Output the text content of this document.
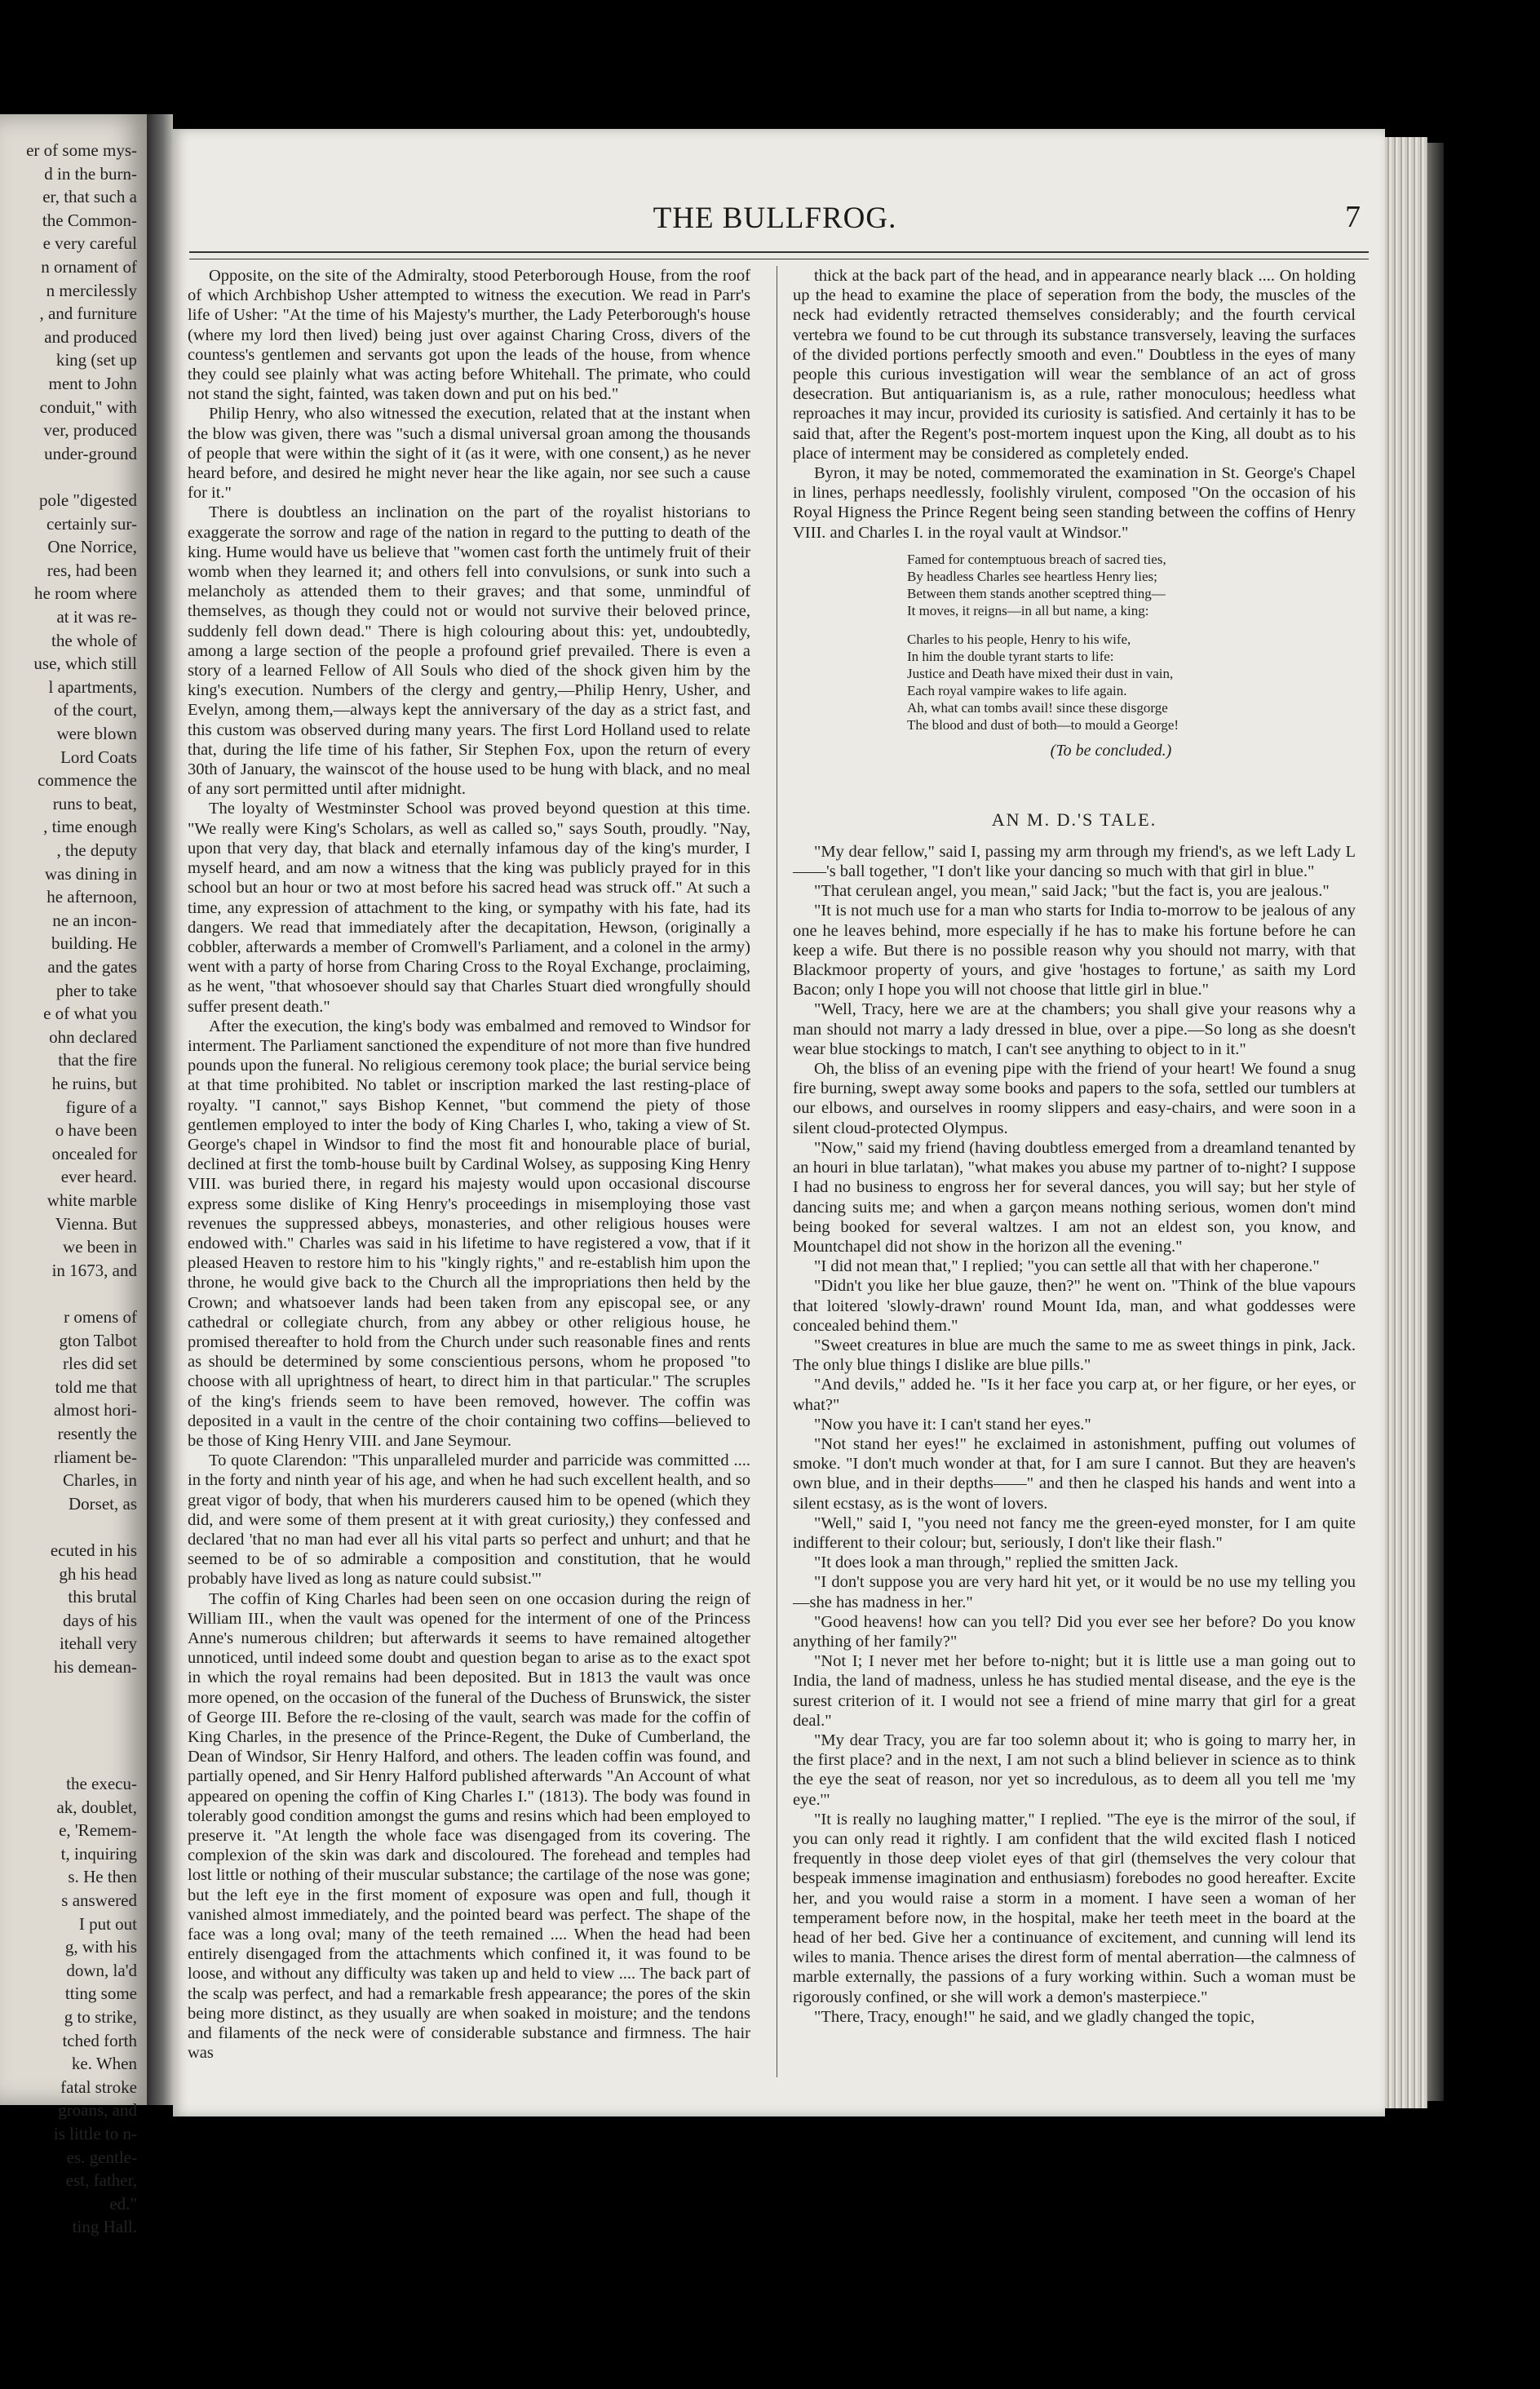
er of some mys-
d in the burn-
er, that such a
the Common-
e very careful
n ornament of
n mercilessly
, and furniture
and produced
king (set up
ment to John
conduit," with
ver, produced
under-ground
pole "digested
certainly sur-
One Norrice,
res, had been
he room where
at it was re-
the whole of
use, which still
l apartments,
of the court,
were blown
Lord Coats
commence the
runs to beat,
, time enough
, the deputy
was dining in
he afternoon,
ne an incon-
building. He
and the gates
pher to take
e of what you
ohn declared
that the fire
he ruins, but
figure of a
o have been
oncealed for
ever heard.
white marble
Vienna. But
we been in
in 1673, and
r omens of
gton Talbot
rles did set
told me that
almost hori-
resently the
rliament be-
Charles, in
Dorset, as
ecuted in his
gh his head
this brutal
days of his
itehall very
his demean-
the execu-
ak, doublet,
e, 'Remem-
t, inquiring
s. He then
s answered
I put out
g, with his
down, la'd
tting some
g to strike,
tched forth
ke. When
fatal stroke
groans, and
is little to n-
es. gentle-
est, father,
ed."
ting Hall.
THE BULLFROG.	7

Opposite, on the site of the Admiralty, stood Peterborough House, from the roof of which Archbishop Usher attempted to witness the execution. We read in Parr's life of Usher: "At the time of his Majesty's murther, the Lady Peterborough's house (where my lord then lived) being just over against Charing Cross, divers of the countess's gentlemen and servants got upon the leads of the house, from whence they could see plainly what was acting before Whitehall. The primate, who could not stand the sight, fainted, was taken down and put on his bed."

Philip Henry, who also witnessed the execution, related that at the instant when the blow was given, there was "such a dismal universal groan among the thousands of people that were within the sight of it (as it were, with one consent,) as he never heard before, and desired he might never hear the like again, nor see such a cause for it."

There is doubtless an inclination on the part of the royalist historians to exaggerate the sorrow and rage of the nation in regard to the putting to death of the king. Hume would have us believe that "women cast forth the untimely fruit of their womb when they learned it; and others fell into convulsions, or sunk into such a melancholy as attended them to their graves; and that some, unmindful of themselves, as though they could not or would not survive their beloved prince, suddenly fell down dead." There is high colouring about this: yet, undoubtedly, among a large section of the people a profound grief prevailed. There is even a story of a learned Fellow of All Souls who died of the shock given him by the king's execution. Numbers of the clergy and gentry,—Philip Henry, Usher, and Evelyn, among them,—always kept the anniversary of the day as a strict fast, and this custom was observed during many years. The first Lord Holland used to relate that, during the life time of his father, Sir Stephen Fox, upon the return of every 30th of January, the wainscot of the house used to be hung with black, and no meal of any sort permitted until after midnight.

The loyalty of Westminster School was proved beyond question at this time. "We really were King's Scholars, as well as called so," says South, proudly. "Nay, upon that very day, that black and eternally infamous day of the king's murder, I myself heard, and am now a witness that the king was publicly prayed for in this school but an hour or two at most before his sacred head was struck off." At such a time, any expression of attachment to the king, or sympathy with his fate, had its dangers. We read that immediately after the decapitation, Hewson, (originally a cobbler, afterwards a member of Cromwell's Parliament, and a colonel in the army) went with a party of horse from Charing Cross to the Royal Exchange, proclaiming, as he went, "that whosoever should say that Charles Stuart died wrongfully should suffer present death."

After the execution, the king's body was embalmed and removed to Windsor for interment. The Parliament sanctioned the expenditure of not more than five hundred pounds upon the funeral. No religious ceremony took place; the burial service being at that time prohibited. No tablet or inscription marked the last resting-place of royalty. "I cannot," says Bishop Kennet, "but commend the piety of those gentlemen employed to inter the body of King Charles I, who, taking a view of St. George's chapel in Windsor to find the most fit and honourable place of burial, declined at first the tomb-house built by Cardinal Wolsey, as supposing King Henry VIII. was buried there, in regard his majesty would upon occasional discourse express some dislike of King Henry's proceedings in misemploying those vast revenues the suppressed abbeys, monasteries, and other religious houses were endowed with." Charles was said in his lifetime to have registered a vow, that if it pleased Heaven to restore him to his "kingly rights," and re-establish him upon the throne, he would give back to the Church all the impropriations then held by the Crown; and whatsoever lands had been taken from any episcopal see, or any cathedral or collegiate church, from any abbey or other religious house, he promised thereafter to hold from the Church under such reasonable fines and rents as should be determined by some conscientious persons, whom he proposed "to choose with all uprightness of heart, to direct him in that particular." The scruples of the king's friends seem to have been removed, however. The coffin was deposited in a vault in the centre of the choir containing two coffins—believed to be those of King Henry VIII. and Jane Seymour.

To quote Clarendon: "This unparalleled murder and parricide was committed .... in the forty and ninth year of his age, and when he had such excellent health, and so great vigor of body, that when his murderers caused him to be opened (which they did, and were some of them present at it with great curiosity,) they confessed and declared 'that no man had ever all his vital parts so perfect and unhurt; and that he seemed to be of so admirable a composition and constitution, that he would probably have lived as long as nature could subsist.'"

The coffin of King Charles had been seen on one occasion during the reign of William III., when the vault was opened for the interment of one of the Princess Anne's numerous children; but afterwards it seems to have remained altogether unnoticed, until indeed some doubt and question began to arise as to the exact spot in which the royal remains had been deposited. But in 1813 the vault was once more opened, on the occasion of the funeral of the Duchess of Brunswick, the sister of George III. Before the re-closing of the vault, search was made for the coffin of King Charles, in the presence of the Prince-Regent, the Duke of Cumberland, the Dean of Windsor, Sir Henry Halford, and others. The leaden coffin was found, and partially opened, and Sir Henry Halford published afterwards "An Account of what appeared on opening the coffin of King Charles I." (1813). The body was found in tolerably good condition amongst the gums and resins which had been employed to preserve it. "At length the whole face was disengaged from its covering. The complexion of the skin was dark and discoloured. The forehead and temples had lost little or nothing of their muscular substance; the cartilage of the nose was gone; but the left eye in the first moment of exposure was open and full, though it vanished almost immediately, and the pointed beard was perfect. The shape of the face was a long oval; many of the teeth remained .... When the head had been entirely disengaged from the attachments which confined it, it was found to be loose, and without any difficulty was taken up and held to view .... The back part of the scalp was perfect, and had a remarkable fresh appearance; the pores of the skin being more distinct, as they usually are when soaked in moisture; and the tendons and filaments of the neck were of considerable substance and firmness. The hair was

thick at the back part of the head, and in appearance nearly black .... On holding up the head to examine the place of seperation from the body, the muscles of the neck had evidently retracted themselves considerably; and the fourth cervical vertebra we found to be cut through its substance transversely, leaving the surfaces of the divided portions perfectly smooth and even." Doubtless in the eyes of many people this curious investigation will wear the semblance of an act of gross desecration. But antiquarianism is, as a rule, rather monoculous; heedless what reproaches it may incur, provided its curiosity is satisfied. And certainly it has to be said that, after the Regent's post-mortem inquest upon the King, all doubt as to his place of interment may be considered as completely ended.

Byron, it may be noted, commemorated the examination in St. George's Chapel in lines, perhaps needlessly, foolishly virulent, composed "On the occasion of his Royal Higness the Prince Regent being seen standing between the coffins of Henry VIII. and Charles I. in the royal vault at Windsor."

Famed for contemptuous breach of sacred ties,
By headless Charles see heartless Henry lies;
Between them stands another sceptred thing—
It moves, it reigns—in all but name, a king:
Charles to his people, Henry to his wife,
In him the double tyrant starts to life:
Justice and Death have mixed their dust in vain,
Each royal vampire wakes to life again.
Ah, what can tombs avail! since these disgorge
The blood and dust of both—to mould a George!
(To be concluded.)
AN M. D.'S TALE.

"My dear fellow," said I, passing my arm through my friend's, as we left Lady L——'s ball together, "I don't like your dancing so much with that girl in blue."

"That cerulean angel, you mean," said Jack; "but the fact is, you are jealous."

"It is not much use for a man who starts for India to-morrow to be jealous of any one he leaves behind, more especially if he has to make his fortune before he can keep a wife. But there is no possible reason why you should not marry, with that Blackmoor property of yours, and give 'hostages to fortune,' as saith my Lord Bacon; only I hope you will not choose that little girl in blue."

"Well, Tracy, here we are at the chambers; you shall give your reasons why a man should not marry a lady dressed in blue, over a pipe.—So long as she doesn't wear blue stockings to match, I can't see anything to object to in it."

Oh, the bliss of an evening pipe with the friend of your heart! We found a snug fire burning, swept away some books and papers to the sofa, settled our tumblers at our elbows, and ourselves in roomy slippers and easy-chairs, and were soon in a silent cloud-protected Olympus.

"Now," said my friend (having doubtless emerged from a dreamland tenanted by an houri in blue tarlatan), "what makes you abuse my partner of to-night? I suppose I had no business to engross her for several dances, you will say; but her style of dancing suits me; and when a garçon means nothing serious, women don't mind being booked for several waltzes. I am not an eldest son, you know, and Mountchapel did not show in the horizon all the evening."

"I did not mean that," I replied; "you can settle all that with her chaperone."

"Didn't you like her blue gauze, then?" he went on. "Think of the blue vapours that loitered 'slowly-drawn' round Mount Ida, man, and what goddesses were concealed behind them."

"Sweet creatures in blue are much the same to me as sweet things in pink, Jack. The only blue things I dislike are blue pills."

"And devils," added he. "Is it her face you carp at, or her figure, or her eyes, or what?"

"Now you have it: I can't stand her eyes."

"Not stand her eyes!" he exclaimed in astonishment, puffing out volumes of smoke. "I don't much wonder at that, for I am sure I cannot. But they are heaven's own blue, and in their depths——" and then he clasped his hands and went into a silent ecstasy, as is the wont of lovers.

"Well," said I, "you need not fancy me the green-eyed monster, for I am quite indifferent to their colour; but, seriously, I don't like their flash."

"It does look a man through," replied the smitten Jack.

"I don't suppose you are very hard hit yet, or it would be no use my telling you—she has madness in her."

"Good heavens! how can you tell? Did you ever see her before? Do you know anything of her family?"

"Not I; I never met her before to-night; but it is little use a man going out to India, the land of madness, unless he has studied mental disease, and the eye is the surest criterion of it. I would not see a friend of mine marry that girl for a great deal."

"My dear Tracy, you are far too solemn about it; who is going to marry her, in the first place? and in the next, I am not such a blind believer in science as to think the eye the seat of reason, nor yet so incredulous, as to deem all you tell me 'my eye.'"

"It is really no laughing matter," I replied. "The eye is the mirror of the soul, if you can only read it rightly. I am confident that the wild excited flash I noticed frequently in those deep violet eyes of that girl (themselves the very colour that bespeak immense imagination and enthusiasm) forebodes no good hereafter. Excite her, and you would raise a storm in a moment. I have seen a woman of her temperament before now, in the hospital, make her teeth meet in the board at the head of her bed. Give her a continuance of excitement, and cunning will lend its wiles to mania. Thence arises the direst form of mental aberration—the calmness of marble externally, the passions of a fury working within. Such a woman must be rigorously confined, or she will work a demon's masterpiece."

"There, Tracy, enough!" he said, and we gladly changed the topic,
